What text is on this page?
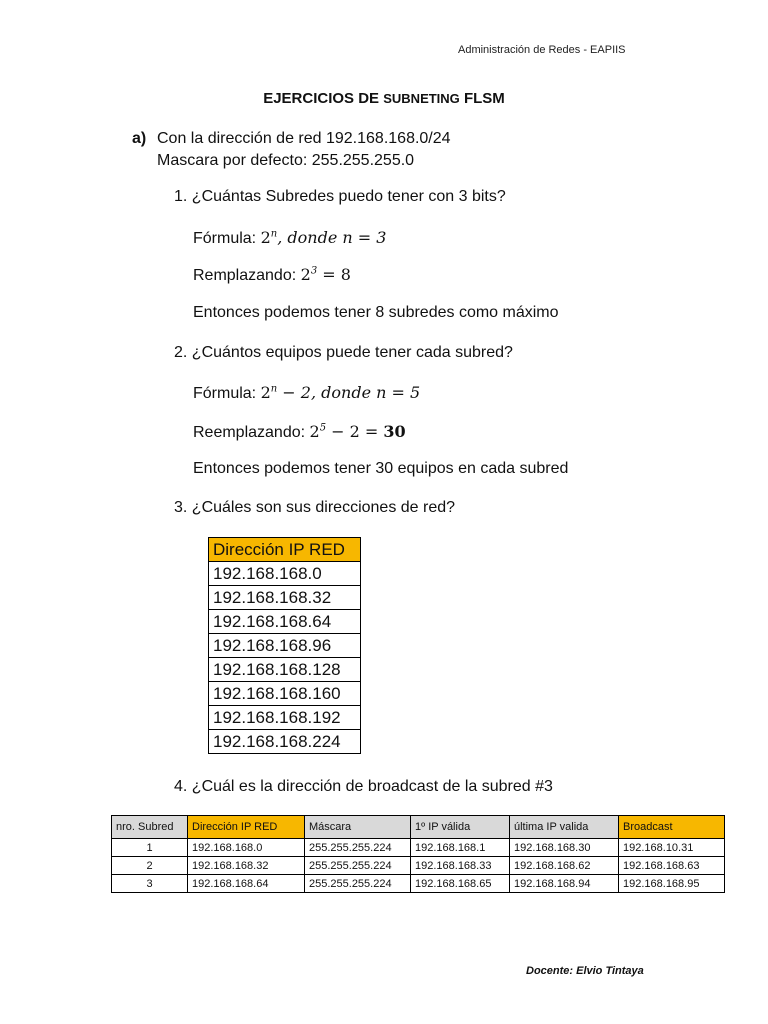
Administración de Redes - EAPIIS
EJERCICIOS DE SUBNETING FLSM
a) Con la dirección de red 192.168.168.0/24
Mascara por defecto: 255.255.255.0
1. ¿Cuántas Subredes puedo tener con 3 bits?
Fórmula: 2$^n$, donde n = 3
Remplazando: $2^3 = 8$
Entonces podemos tener 8 subredes como máximo
2. ¿Cuántos equipos puede tener cada subred?
Fórmula: $2^n - 2$, donde n = 5
Reemplazando: $2^5 - 2 = 30$
Entonces podemos tener 30 equipos en cada subred
3. ¿Cuáles son sus direcciones de red?
Dirección IP RED
192.168.168.0
192.168.168.32
192.168.168.64
192.168.168.96
192.168.168.128
192.168.168.160
192.168.168.192
192.168.168.224
4. ¿Cuál es la dirección de broadcast de la subred #3
nro. Subred	Dirección IP RED	Máscara	1º IP válida	última IP valida	Broadcast
1	192.168.168.0	255.255.255.224	192.168.168.1	192.168.168.30	192.168.10.31
2	192.168.168.32	255.255.255.224	192.168.168.33	192.168.168.62	192.168.168.63
3	192.168.168.64	255.255.255.224	192.168.168.65	192.168.168.94	192.168.168.95
Docente: Elvio Tintaya
